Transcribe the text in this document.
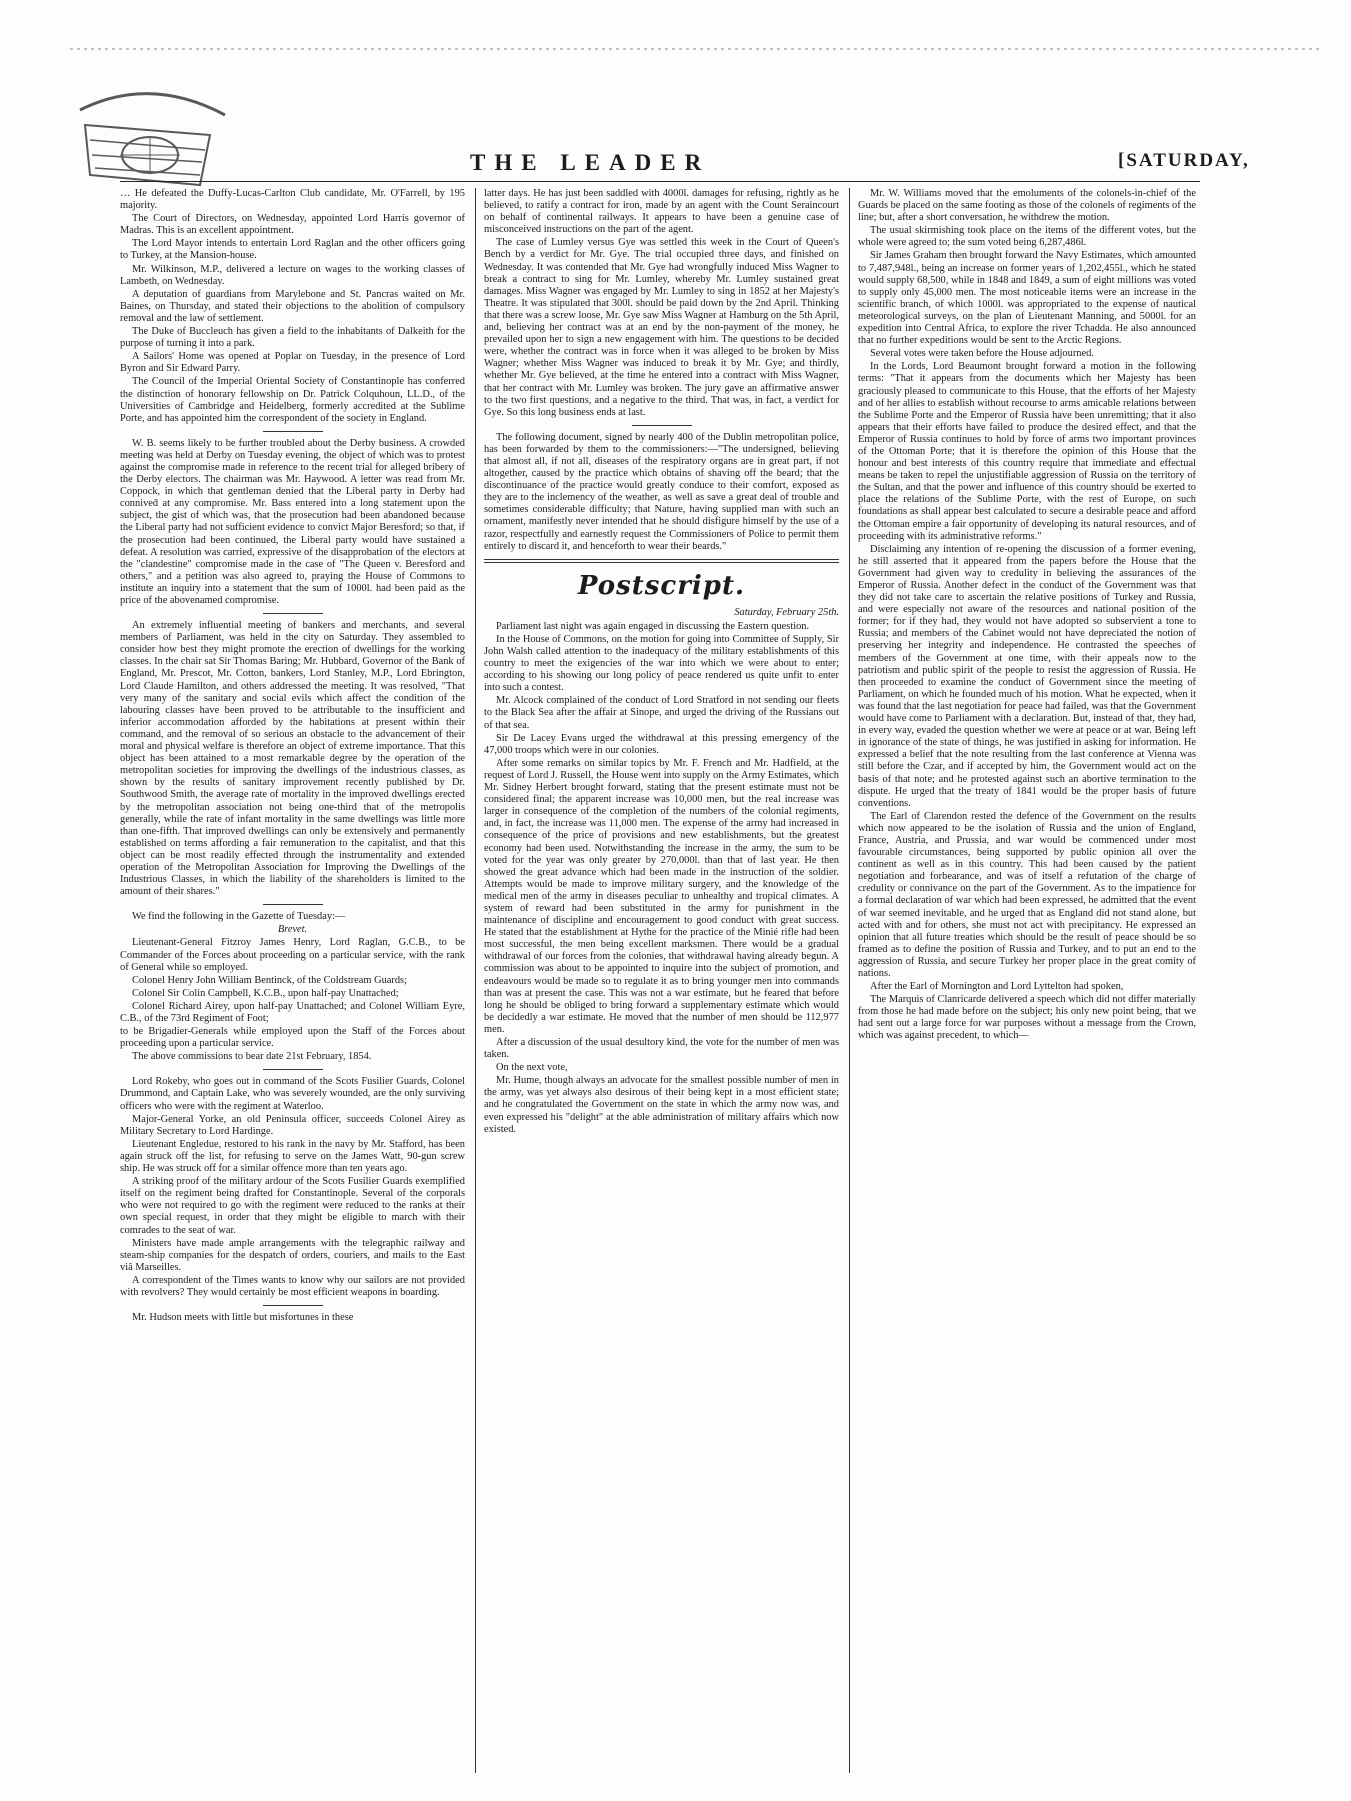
THE LEADER	[SATURDAY,

… He defeated the Duffy-Lucas-Carlton Club candidate, Mr. O'Farrell, by 195 majority.

The Court of Directors, on Wednesday, appointed Lord Harris governor of Madras. This is an excellent appointment.

The Lord Mayor intends to entertain Lord Raglan and the other officers going to Turkey, at the Mansion-house.

Mr. Wilkinson, M.P., delivered a lecture on wages to the working classes of Lambeth, on Wednesday.

A deputation of guardians from Marylebone and St. Pancras waited on Mr. Baines, on Thursday, and stated their objections to the abolition of compulsory removal and the law of settlement.

The Duke of Buccleuch has given a field to the inhabitants of Dalkeith for the purpose of turning it into a park.

A Sailors' Home was opened at Poplar on Tuesday, in the presence of Lord Byron and Sir Edward Parry.

The Council of the Imperial Oriental Society of Constantinople has conferred the distinction of honorary fellowship on Dr. Patrick Colquhoun, LL.D., of the Universities of Cambridge and Heidelberg, formerly accredited at the Sublime Porte, and has appointed him the correspondent of the society in England.

W. B. seems likely to be further troubled about the Derby business. A crowded meeting was held at Derby on Tuesday evening, the object of which was to protest against the compromise made in reference to the recent trial for alleged bribery of the Derby electors. The chairman was Mr. Haywood. A letter was read from Mr. Coppock, in which that gentleman denied that the Liberal party in Derby had conniveḋ at any compromise. Mr. Bass entered into a long statement upon the subject, the gist of which was, that the prosecution had been abandoned because the Liberal party had not sufficient evidence to convict Major Beresford; so that, if the prosecution had been continued, the Liberal party would have sustained a defeat. A resolution was carried, expressive of the disapprobation of the electors at the "clandestine" compromise made in the case of "The Queen v. Beresford and others," and a petition was also agreed to, praying the House of Commons to institute an inquiry into a statement that the sum of 1000l. had been paid as the price of the abovenamed compromise.

An extremely influential meeting of bankers and merchants, and several members of Parliament, was held in the city on Saturday. They assembled to consider how best they might promote the erection of dwellings for the working classes. In the chair sat Sir Thomas Baring; Mr. Hubbard, Governor of the Bank of England, Mr. Prescot, Mr. Cotton, bankers, Lord Stanley, M.P., Lord Ebrington, Lord Claude Hamilton, and others addressed the meeting. It was resolved, "That very many of the sanitary and social evils which affect the condition of the labouring classes have been proved to be attributable to the insufficient and inferior accommodation afforded by the habitations at present within their command, and the removal of so serious an obstacle to the advancement of their moral and physical welfare is therefore an object of extreme importance. That this object has been attained to a most remarkable degree by the operation of the metropolitan societies for improving the dwellings of the industrious classes, as shown by the results of sanitary improvement recently published by Dr. Southwood Smith, the average rate of mortality in the improved dwellings erected by the metropolitan association not being one-third that of the metropolis generally, while the rate of infant mortality in the same dwellings was little more than one-fifth. That improved dwellings can only be extensively and permanently established on terms affording a fair remuneration to the capitalist, and that this object can be most readily effected through the instrumentality and extended operation of the Metropolitan Association for Improving the Dwellings of the Industrious Classes, in which the liability of the shareholders is limited to the amount of their shares."

We find the following in the Gazette of Tuesday:—

Brevet.

Lieutenant-General Fitzroy James Henry, Lord Raglan, G.C.B., to be Commander of the Forces about proceeding on a particular service, with the rank of General while so employed.

Colonel Henry John William Bentinck, of the Coldstream Guards;

Colonel Sir Colin Campbell, K.C.B., upon half-pay Unattached;

Colonel Richard Airey, upon half-pay Unattached; and Colonel William Eyre, C.B., of the 73rd Regiment of Foot;

to be Brigadier-Generals while employed upon the Staff of the Forces about proceeding upon a particular service.

The above commissions to bear date 21st February, 1854.

Lord Rokeby, who goes out in command of the Scots Fusilier Guards, Colonel Drummond, and Captain Lake, who was severely wounded, are the only surviving officers who were with the regiment at Waterloo.

Major-General Yorke, an old Peninsula officer, succeeds Colonel Airey as Military Secretary to Lord Hardinge.

Lieutenant Engledue, restored to his rank in the navy by Mr. Stafford, has been again struck off the list, for refusing to serve on the James Watt, 90-gun screw ship. He was struck off for a similar offence more than ten years ago.

A striking proof of the military ardour of the Scots Fusilier Guards exemplified itself on the regiment being drafted for Constantinople. Several of the corporals who were not required to go with the regiment were reduced to the ranks at their own special request, in order that they might be eligible to march with their comrades to the seat of war.

Ministers have made ample arrangements with the telegraphic railway and steam-ship companies for the despatch of orders, couriers, and mails to the East viâ Marseilles.

A correspondent of the Times wants to know why our sailors are not provided with revolvers? They would certainly be most efficient weapons in boarding.

Mr. Hudson meets with little but misfortunes in these

latter days. He has just been saddled with 4000l. damages for refusing, rightly as he believed, to ratify a contract for iron, made by an agent with the Count Seraincourt on behalf of continental railways. It appears to have been a genuine case of misconceived instructions on the part of the agent.

The case of Lumley versus Gye was settled this week in the Court of Queen's Bench by a verdict for Mr. Gye. The trial occupied three days, and finished on Wednesday. It was contended that Mr. Gye had wrongfully induced Miss Wagner to break a contract to sing for Mr. Lumley, whereby Mr. Lumley sustained great damages. Miss Wagner was engaged by Mr. Lumley to sing in 1852 at her Majesty's Theatre. It was stipulated that 300l. should be paid down by the 2nd April. Thinking that there was a screw loose, Mr. Gye saw Miss Wagner at Hamburg on the 5th April, and, believing her contract was at an end by the non-payment of the money, he prevailed upon her to sign a new engagement with him. The questions to be decided were, whether the contract was in force when it was alleged to be broken by Miss Wagner; whether Miss Wagner was induced to break it by Mr. Gye; and thirdly, whether Mr. Gye believed, at the time he entered into a contract with Miss Wagner, that her contract with Mr. Lumley was broken. The jury gave an affirmative answer to the two first questions, and a negative to the third. That was, in fact, a verdict for Gye. So this long business ends at last.

The following document, signed by nearly 400 of the Dublin metropolitan police, has been forwarded by them to the commissioners:—"The undersigned, believing that almost all, if not all, diseases of the respiratory organs are in great part, if not altogether, caused by the practice which obtains of shaving off the beard; that the discontinuance of the practice would greatly conduce to their comfort, exposed as they are to the inclemency of the weather, as well as save a great deal of trouble and sometimes considerable difficulty; that Nature, having supplied man with such an ornament, manifestly never intended that he should disfigure himself by the use of a razor, respectfully and earnestly request the Commissioners of Police to permit them entirely to discard it, and henceforth to wear their beards."

Postscript.

Saturday, February 25th.

Parliament last night was again engaged in discussing the Eastern question.

In the House of Commons, on the motion for going into Committee of Supply, Sir John Walsh called attention to the inadequacy of the military establishments of this country to meet the exigencies of the war into which we were about to enter; according to his showing our long policy of peace rendered us quite unfit to enter into such a contest.

Mr. Alcock complained of the conduct of Lord Stratford in not sending our fleets to the Black Sea after the affair at Sinope, and urged the driving of the Russians out of that sea.

Sir De Lacey Evans urged the withdrawal at this pressing emergency of the 47,000 troops which were in our colonies.

After some remarks on similar topics by Mr. F. French and Mr. Hadfield, at the request of Lord J. Russell, the House went into supply on the Army Estimates, which Mr. Sidney Herbert brought forward, stating that the present estimate must not be considered final; the apparent increase was 10,000 men, but the real increase was larger in consequence of the completion of the numbers of the colonial regiments, and, in fact, the increase was 11,000 men. The expense of the army had increased in consequence of the price of provisions and new establishments, but the greatest economy had been used. Notwithstanding the increase in the army, the sum to be voted for the year was only greater by 270,000l. than that of last year. He then showed the great advance which had been made in the instruction of the soldier. Attempts would be made to improve military surgery, and the knowledge of the medical men of the army in diseases peculiar to unhealthy and tropical climates. A system of reward had been substituted in the army for punishment in the maintenance of discipline and encouragement to good conduct with great success. He stated that the establishment at Hythe for the practice of the Minié rifle had been most successful, the men being excellent marksmen. There would be a gradual withdrawal of our forces from the colonies, that withdrawal having already begun. A commission was about to be appointed to inquire into the subject of promotion, and endeavours would be made so to regulate it as to bring younger men into commands than was at present the case. This was not a war estimate, but he feared that before long he should be obliged to bring forward a supplementary estimate which would be decidedly a war estimate. He moved that the number of men should be 112,977 men.

After a discussion of the usual desultory kind, the vote for the number of men was taken.

On the next vote,

Mr. Hume, though always an advocate for the smallest possible number of men in the army, was yet always also desirous of their being kept in a most efficient state; and he congratulated the Government on the state in which the army now was, and even expressed his "delight" at the able administration of military affairs which now existed.

Mr. W. Williams moved that the emoluments of the colonels-in-chief of the Guards be placed on the same footing as those of the colonels of regiments of the line; but, after a short conversation, he withdrew the motion.

The usual skirmishing took place on the items of the different votes, but the whole were agreed to; the sum voted being 6,287,486l.

Sir James Graham then brought forward the Navy Estimates, which amounted to 7,487,948l., being an increase on former years of 1,202,455l., which he stated would supply 68,500, while in 1848 and 1849, a sum of eight millions was voted to supply only 45,000 men. The most noticeable items were an increase in the scientific branch, of which 1000l. was appropriated to the expense of nautical meteorological surveys, on the plan of Lieutenant Manning, and 5000l. for an expedition into Central Africa, to explore the river Tchadda. He also announced that no further expeditions would be sent to the Arctic Regions.

Several votes were taken before the House adjourned.

In the Lords, Lord Beaumont brought forward a motion in the following terms: "That it appears from the documents which her Majesty has been graciously pleased to communicate to this House, that the efforts of her Majesty and of her allies to establish without recourse to arms amicable relations between the Sublime Porte and the Emperor of Russia have been unremitting; that it also appears that their efforts have failed to produce the desired effect, and that the Emperor of Russia continues to hold by force of arms two important provinces of the Ottoman Porte; that it is therefore the opinion of this House that the honour and best interests of this country require that immediate and effectual means be taken to repel the unjustifiable aggression of Russia on the territory of the Sultan, and that the power and influence of this country should be exerted to place the relations of the Sublime Porte, with the rest of Europe, on such foundations as shall appear best calculated to secure a desirable peace and afford the Ottoman empire a fair opportunity of developing its natural resources, and of proceeding with its administrative reforms."

Disclaiming any intention of re-opening the discussion of a former evening, he still asserted that it appeared from the papers before the House that the Government had given way to credulity in believing the assurances of the Emperor of Russia. Another defect in the conduct of the Government was that they did not take care to ascertain the relative positions of Turkey and Russia, and were especially not aware of the resources and national position of the former; for if they had, they would not have adopted so subservient a tone to Russia; and members of the Cabinet would not have depreciated the notion of preserving her integrity and independence. He contrasted the speeches of members of the Government at one time, with their appeals now to the patriotism and public spirit of the people to resist the aggression of Russia. He then proceeded to examine the conduct of Government since the meeting of Parliament, on which he founded much of his motion. What he expected, when it was found that the last negotiation for peace had failed, was that the Government would have come to Parliament with a declaration. But, instead of that, they had, in every way, evaded the question whether we were at peace or at war. Being left in ignorance of the state of things, he was justified in asking for information. He expressed a belief that the note resulting from the last conference at Vienna was still before the Czar, and if accepted by him, the Government would act on the basis of that note; and he protested against such an abortive termination to the dispute. He urged that the treaty of 1841 would be the proper basis of future conventions.

The Earl of Clarendon rested the defence of the Government on the results which now appeared to be the isolation of Russia and the union of England, France, Austria, and Prussia, and war would be commenced under most favourable circumstances, being supported by public opinion all over the continent as well as in this country. This had been caused by the patient negotiation and forbearance, and was of itself a refutation of the charge of credulity or connivance on the part of the Government. As to the impatience for a formal declaration of war which had been expressed, he admitted that the event of war seemed inevitable, and he urged that as England did not stand alone, but acted with and for others, she must not act with precipitancy. He expressed an opinion that all future treaties which should be the result of peace should be so framed as to define the position of Russia and Turkey, and to put an end to the aggression of Russia, and secure Turkey her proper place in the great comity of nations.

After the Earl of Mornington and Lord Lyttelton had spoken,

The Marquis of Clanricarde delivered a speech which did not differ materially from those he had made before on the subject; his only new point being, that we had sent out a large force for war purposes without a message from the Crown, which was against precedent, to which—
